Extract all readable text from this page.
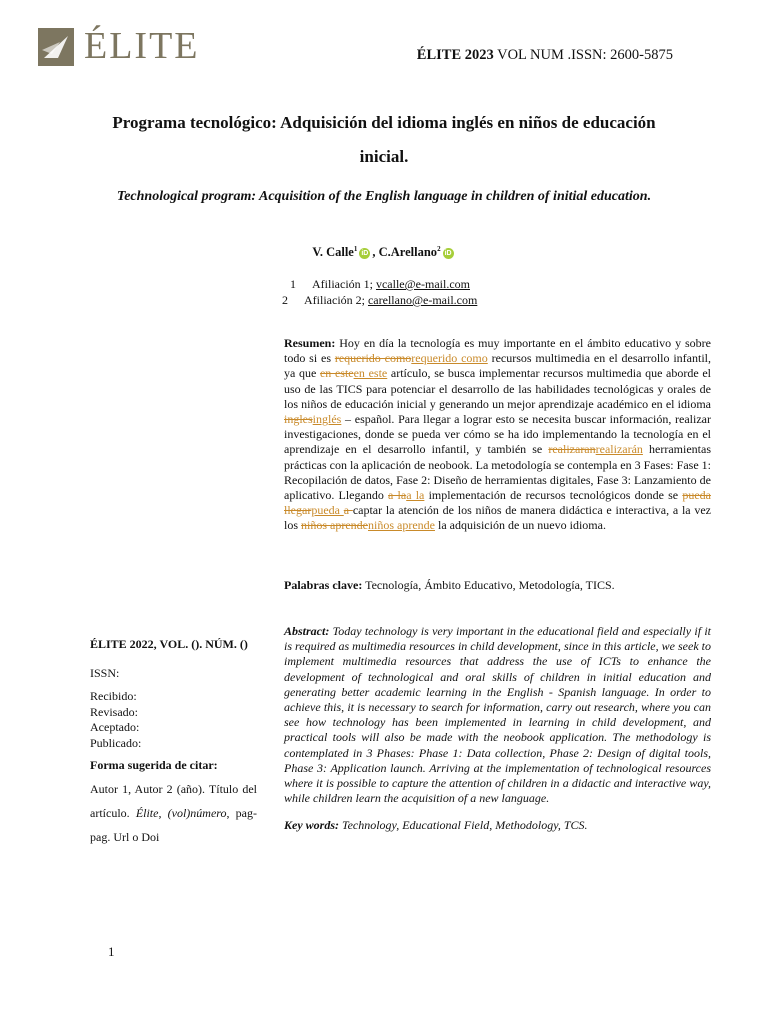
ÉLITE	ÉLITE 2023 VOL NUM .ISSN: 2600-5875
Programa tecnológico: Adquisición del idioma inglés en niños de educación inicial.
Technological program: Acquisition of the English language in children of initial education.
V. Calle$^1$iD , C.Arellano$^2$iD
1 Afiliación 1; vcalle@e-mail.com
2 Afiliación 2; carellano@e-mail.com
Resumen: Hoy en día la tecnología es muy importante en el ámbito educativo y sobre todo si es requerido comorequerido como recursos multimedia en el desarrollo infantil, ya que en esteen este artículo, se busca implementar recursos multimedia que aborde el uso de las TICS para potenciar el desarrollo de las habilidades tecnológicas y orales de los niños de educación inicial y generando un mejor aprendizaje académico en el idioma inglesinglés – español. Para llegar a lograr esto se necesita buscar información, realizar investigaciones, donde se pueda ver cómo se ha ido implementando la tecnología en el aprendizaje en el desarrollo infantil, y también se realizaranrealizarán herramientas prácticas con la aplicación de neobook. La metodología se contempla en 3 Fases: Fase 1: Recopilación de datos, Fase 2: Diseño de herramientas digitales, Fase 3: Lanzamiento de aplicativo. Llegando a laa la implementación de recursos tecnológicos donde se pueda llegarpueda a captar la atención de los niños de manera didáctica e interactiva, a la vez los niños aprendeniños aprende la adquisición de un nuevo idioma.
Palabras clave: Tecnología, Ámbito Educativo, Metodología, TICS.
Abstract: Today technology is very important in the educational field and especially if it is required as multimedia resources in child development, since in this article, we seek to implement multimedia resources that address the use of ICTs to enhance the development of technological and oral skills of children in initial education and generating better academic learning in the English - Spanish language. In order to achieve this, it is necessary to search for information, carry out research, where you can see how technology has been implemented in learning in child development, and practical tools will also be made with the neobook application. The methodology is contemplated in 3 Phases: Phase 1: Data collection, Phase 2: Design of digital tools, Phase 3: Application launch. Arriving at the implementation of technological resources where it is possible to capture the attention of children in a didactic and interactive way, while children learn the acquisition of a new language.
Key words: Technology, Educational Field, Methodology, TCS.
ÉLITE 2022, VOL. (). NÚM. ()
ISSN:
Recibido:
Revisado:
Aceptado:
Publicado:
Forma sugerida de citar:
Autor 1, Autor 2 (año). Título del artículo. Élite, (vol)número, pag-pag. Url o Doi
1
